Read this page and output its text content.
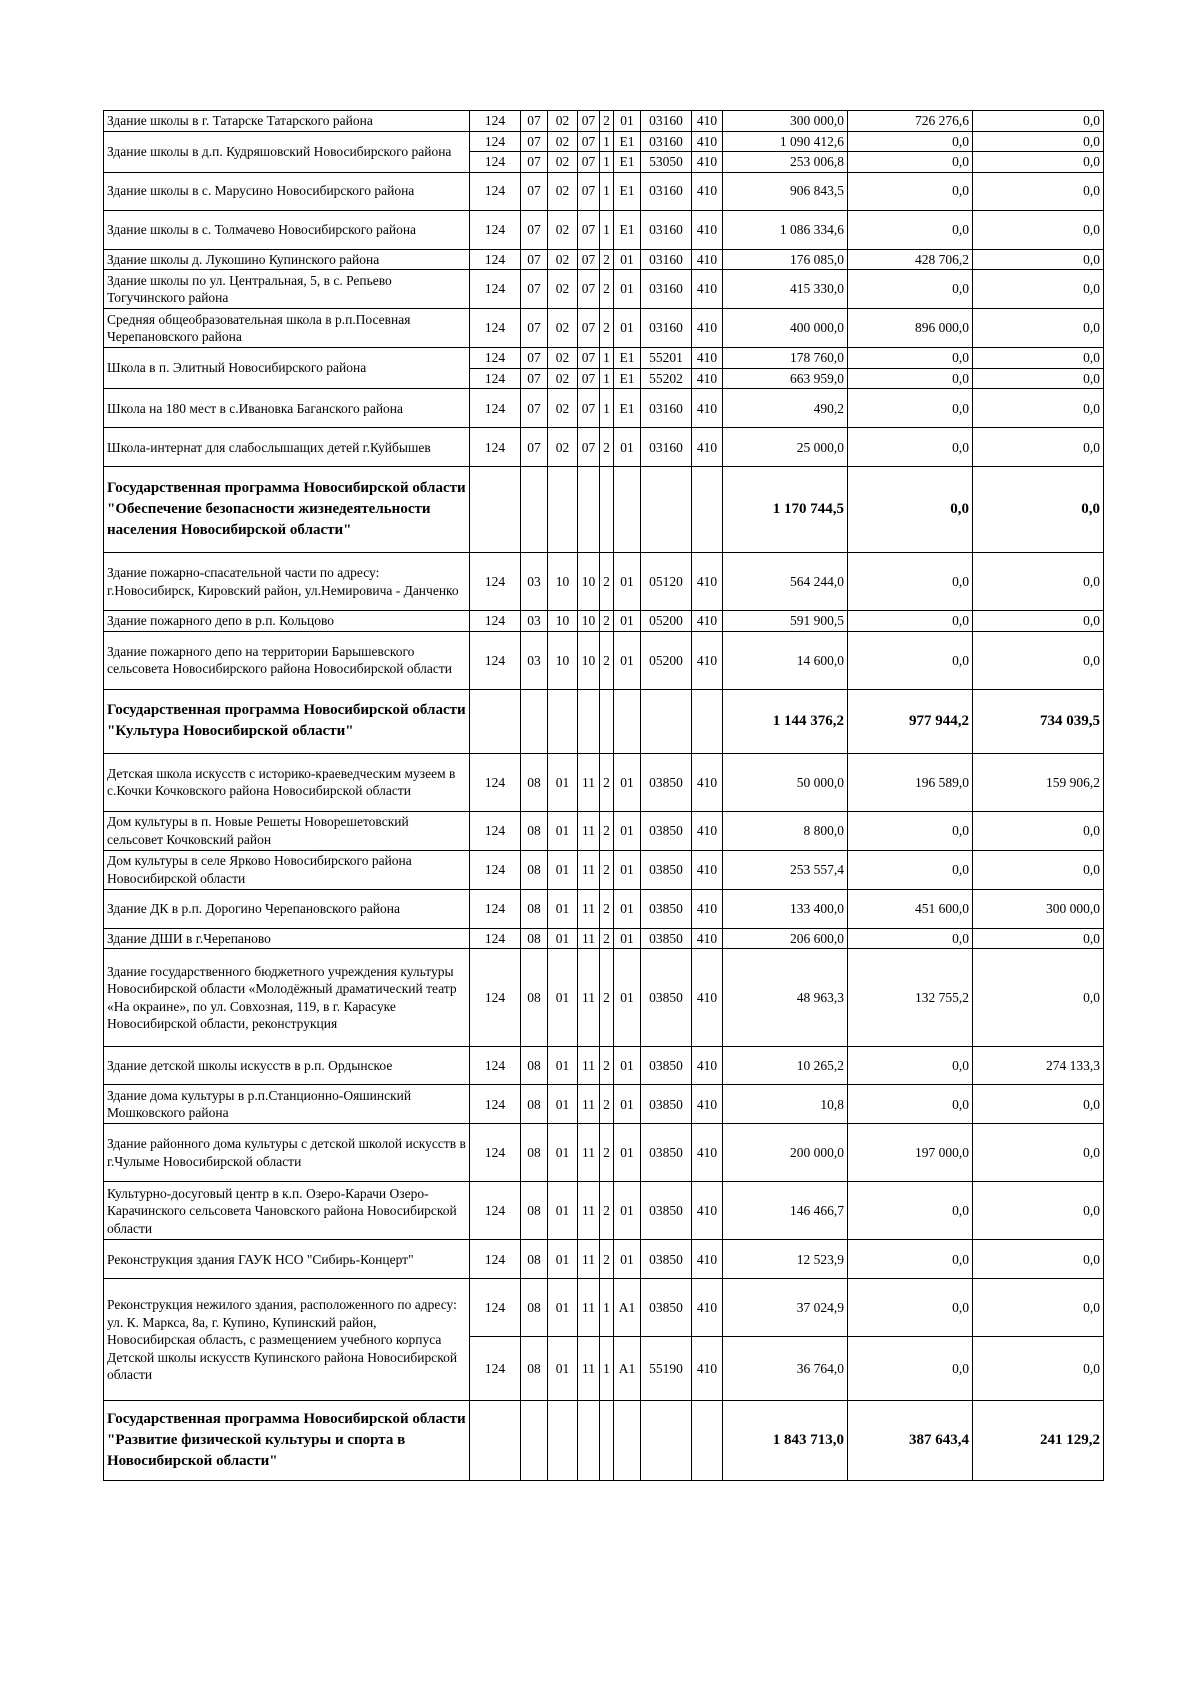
Здание школы в г. Татарске Татарского района	124	07	02	07	2	01	03160	410	300 000,0	726 276,6	0,0
Здание школы в д.п. Кудряшовский Новосибирского района	124	07	02	07	1	E1	03160	410	1 090 412,6	0,0	0,0
	124	07	02	07	1	E1	53050	410	253 006,8	0,0	0,0
Здание школы в с. Марусино Новосибирского района	124	07	02	07	1	E1	03160	410	906 843,5	0,0	0,0
Здание школы в с. Толмачево Новосибирского района	124	07	02	07	1	E1	03160	410	1 086 334,6	0,0	0,0
Здание школы д. Лукошино Купинского района	124	07	02	07	2	01	03160	410	176 085,0	428 706,2	0,0
Здание школы по ул. Центральная, 5, в с. Репьево Тогучинского района	124	07	02	07	2	01	03160	410	415 330,0	0,0	0,0
Средняя общеобразовательная школа в р.п.Посевная Черепановского района	124	07	02	07	2	01	03160	410	400 000,0	896 000,0	0,0
Школа в п. Элитный Новосибирского района	124	07	02	07	1	E1	55201	410	178 760,0	0,0	0,0
	124	07	02	07	1	E1	55202	410	663 959,0	0,0	0,0
Школа на 180 мест в с.Ивановка Баганского района	124	07	02	07	1	E1	03160	410	490,2	0,0	0,0
Школа-интернат для слабослышащих детей г.Куйбышев	124	07	02	07	2	01	03160	410	25 000,0	0,0	0,0
Государственная программа Новосибирской области "Обеспечение безопасности жизнедеятельности населения Новосибирской области"									1 170 744,5	0,0	0,0
Здание пожарно-спасательной части по адресу: г.Новосибирск, Кировский район, ул.Немировича - Данченко	124	03	10	10	2	01	05120	410	564 244,0	0,0	0,0
Здание пожарного депо в р.п. Кольцово	124	03	10	10	2	01	05200	410	591 900,5	0,0	0,0
Здание пожарного депо на территории Барышевского сельсовета Новосибирского района Новосибирской области	124	03	10	10	2	01	05200	410	14 600,0	0,0	0,0
Государственная программа Новосибирской области "Культура Новосибирской области"									1 144 376,2	977 944,2	734 039,5
Детская школа искусств с историко-краеведческим музеем в с.Кочки Кочковского района Новосибирской области	124	08	01	11	2	01	03850	410	50 000,0	196 589,0	159 906,2
Дом культуры в п. Новые Решеты Новорешетовский сельсовет Кочковский район	124	08	01	11	2	01	03850	410	8 800,0	0,0	0,0
Дом культуры в селе Ярково Новосибирского района Новосибирской области	124	08	01	11	2	01	03850	410	253 557,4	0,0	0,0
Здание ДК в р.п. Дорогино Черепановского района	124	08	01	11	2	01	03850	410	133 400,0	451 600,0	300 000,0
Здание ДШИ в г.Черепаново	124	08	01	11	2	01	03850	410	206 600,0	0,0	0,0
Здание государственного бюджетного учреждения культуры Новосибирской области «Молодёжный драматический театр «На окраине», по ул. Совхозная, 119, в г. Карасуке Новосибирской области, реконструкция	124	08	01	11	2	01	03850	410	48 963,3	132 755,2	0,0
Здание детской школы искусств в р.п. Ордынское	124	08	01	11	2	01	03850	410	10 265,2	0,0	274 133,3
Здание дома культуры в р.п.Станционно-Ояшинский Мошковского района	124	08	01	11	2	01	03850	410	10,8	0,0	0,0
Здание районного дома культуры с детской школой искусств в г.Чулыме Новосибирской области	124	08	01	11	2	01	03850	410	200 000,0	197 000,0	0,0
Культурно-досуговый центр в к.п. Озеро-Карачи Озеро-Карачинского сельсовета Чановского района Новосибирской области	124	08	01	11	2	01	03850	410	146 466,7	0,0	0,0
Реконструкция здания ГАУК НСО "Сибирь-Концерт"	124	08	01	11	2	01	03850	410	12 523,9	0,0	0,0
Реконструкция нежилого здания, расположенного по адресу: ул. К. Маркса, 8а, г. Купино, Купинский район, Новосибирская область, с размещением учебного корпуса Детской школы искусств Купинского района Новосибирской области	124	08	01	11	1	A1	03850	410	37 024,9	0,0	0,0
	124	08	01	11	1	A1	55190	410	36 764,0	0,0	0,0
Государственная программа Новосибирской области "Развитие физической культуры и спорта в Новосибирской области"									1 843 713,0	387 643,4	241 129,2
